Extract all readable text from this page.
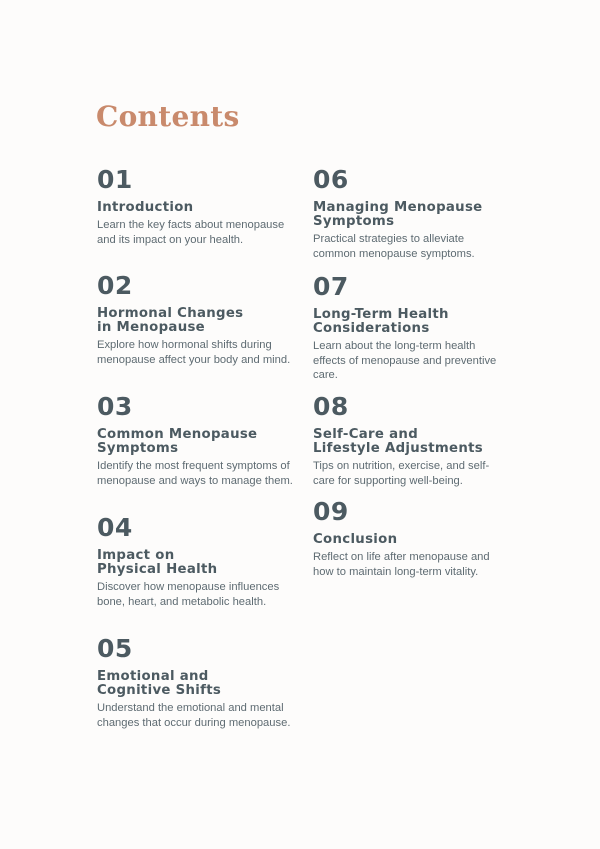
Contents
01
Introduction
Learn the key facts about menopause and its impact on your health.
02
Hormonal Changes in Menopause
Explore how hormonal shifts during menopause affect your body and mind.
03
Common Menopause Symptoms
Identify the most frequent symptoms of menopause and ways to manage them.
04
Impact on Physical Health
Discover how menopause influences bone, heart, and metabolic health.
05
Emotional and Cognitive Shifts
Understand the emotional and mental changes that occur during menopause.
06
Managing Menopause Symptoms
Practical strategies to alleviate common menopause symptoms.
07
Long-Term Health Considerations
Learn about the long-term health effects of menopause and preventive care.
08
Self-Care and Lifestyle Adjustments
Tips on nutrition, exercise, and self-care for supporting well-being.
09
Conclusion
Reflect on life after menopause and how to maintain long-term vitality.
